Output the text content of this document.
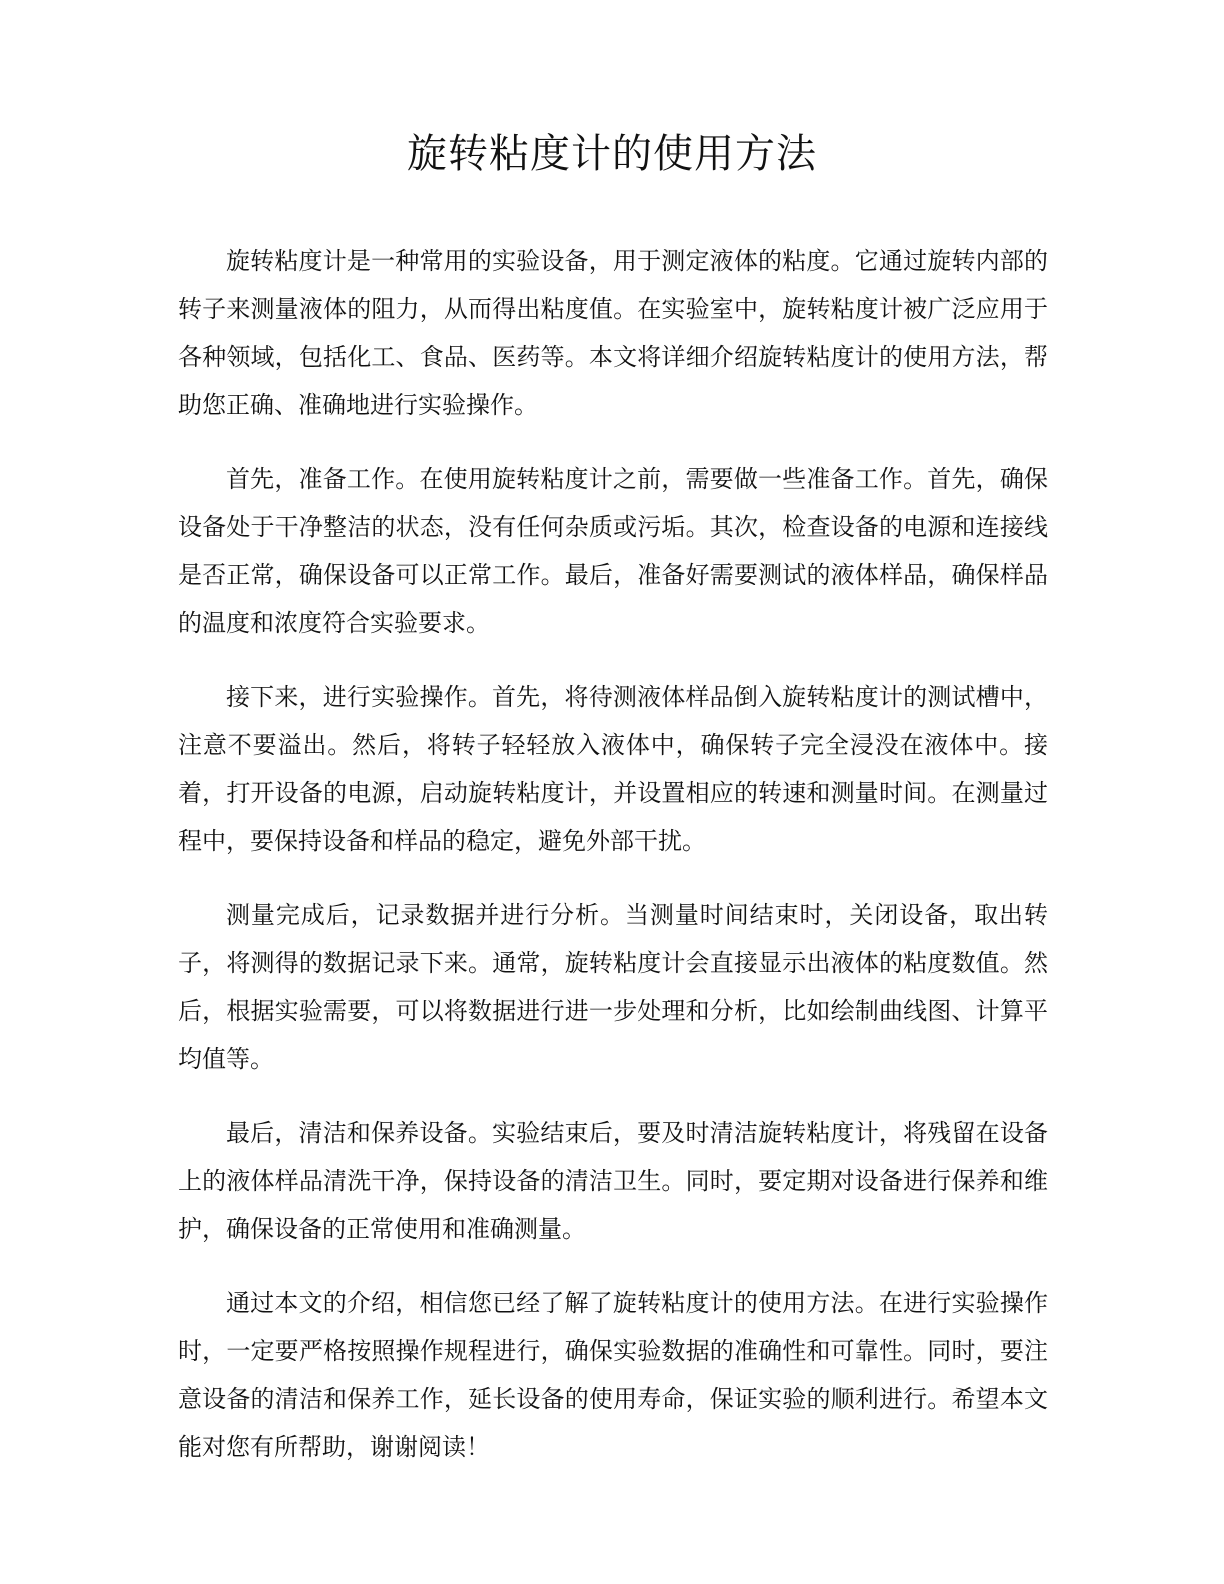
旋转粘度计的使用方法

旋转粘度计是一种常用的实验设备，用于测定液体的粘度。它通过旋转内部的转子来测量液体的阻力，从而得出粘度值。在实验室中，旋转粘度计被广泛应用于各种领域，包括化工、食品、医药等。本文将详细介绍旋转粘度计的使用方法，帮助您正确、准确地进行实验操作。

首先，准备工作。在使用旋转粘度计之前，需要做一些准备工作。首先，确保设备处于干净整洁的状态，没有任何杂质或污垢。其次，检查设备的电源和连接线是否正常，确保设备可以正常工作。最后，准备好需要测试的液体样品，确保样品的温度和浓度符合实验要求。

接下来，进行实验操作。首先，将待测液体样品倒入旋转粘度计的测试槽中，注意不要溢出。然后，将转子轻轻放入液体中，确保转子完全浸没在液体中。接着，打开设备的电源，启动旋转粘度计，并设置相应的转速和测量时间。在测量过程中，要保持设备和样品的稳定，避免外部干扰。

测量完成后，记录数据并进行分析。当测量时间结束时，关闭设备，取出转子，将测得的数据记录下来。通常，旋转粘度计会直接显示出液体的粘度数值。然后，根据实验需要，可以将数据进行进一步处理和分析，比如绘制曲线图、计算平均值等。

最后，清洁和保养设备。实验结束后，要及时清洁旋转粘度计，将残留在设备上的液体样品清洗干净，保持设备的清洁卫生。同时，要定期对设备进行保养和维护，确保设备的正常使用和准确测量。

通过本文的介绍，相信您已经了解了旋转粘度计的使用方法。在进行实验操作时，一定要严格按照操作规程进行，确保实验数据的准确性和可靠性。同时，要注意设备的清洁和保养工作，延长设备的使用寿命，保证实验的顺利进行。希望本文能对您有所帮助，谢谢阅读！
